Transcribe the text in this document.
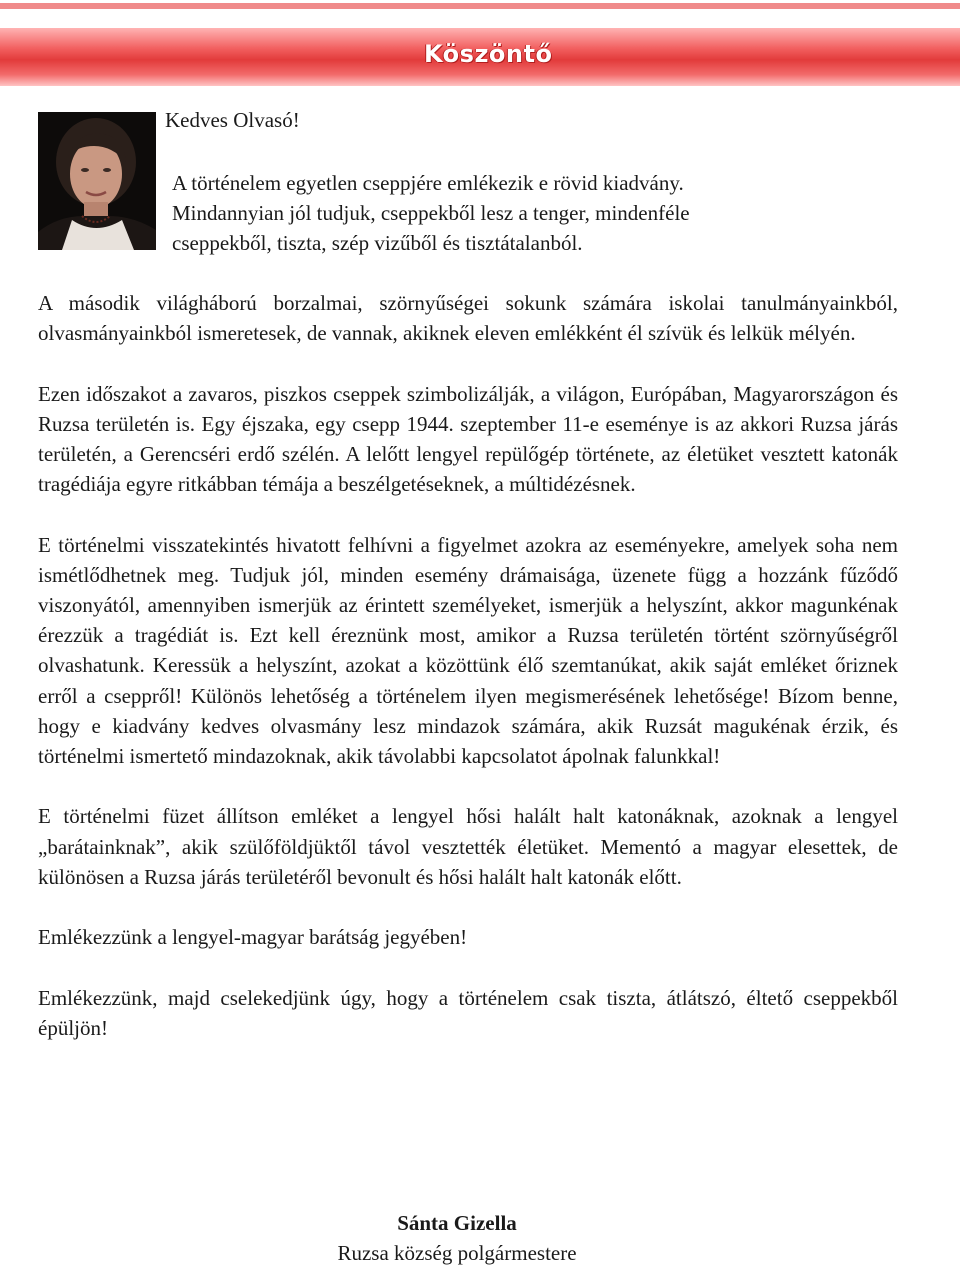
Köszöntő
Kedves Olvasó!
A történelem egyetlen cseppjére emlékezik e rövid kiadvány.
Mindannyian jól tudjuk, cseppekből lesz a tenger, mindenféle
cseppekből, tiszta, szép vizűből és tisztátalanból.

A második világháború borzalmai, szörnyűségei sokunk számára iskolai tanulmányainkból, olvasmányainkból ismeretesek, de vannak, akiknek eleven emlékként él szívük és lelkük mélyén.

Ezen időszakot a zavaros, piszkos cseppek szimbolizálják, a világon, Európában, Magyarországon és Ruzsa területén is. Egy éjszaka, egy csepp 1944. szeptember 11-e eseménye is az akkori Ruzsa járás területén, a Gerencséri erdő szélén. A lelőtt lengyel repülőgép története, az életüket vesztett katonák tragédiája egyre ritkábban témája a beszélgetéseknek, a múltidézésnek.

E történelmi visszatekintés hivatott felhívni a figyelmet azokra az eseményekre, amelyek soha nem ismétlődhetnek meg. Tudjuk jól, minden esemény drámaisága, üzenete függ a hozzánk fűződő viszonyától, amennyiben ismerjük az érintett személyeket, ismerjük a helyszínt, akkor magunkénak érezzük a tragédiát is. Ezt kell éreznünk most, amikor a Ruzsa területén történt szörnyűségről olvashatunk. Keressük a helyszínt, azokat a közöttünk élő szemtanúkat, akik saját emléket őriznek erről a cseppről! Különös lehetőség a történelem ilyen megismerésének lehetősége! Bízom benne, hogy e kiadvány kedves olvasmány lesz mindazok számára, akik Ruzsát magukénak érzik, és történelmi ismertető mindazoknak, akik távolabbi kapcsolatot ápolnak falunkkal!

E történelmi füzet állítson emléket a lengyel hősi halált halt katonáknak, azoknak a lengyel „barátainknak”, akik szülőföldjüktől távol vesztették életüket. Mementó a magyar elesettek, de különösen a Ruzsa járás területéről bevonult és hősi halált halt katonák előtt.

Emlékezzünk a lengyel-magyar barátság jegyében!

Emlékezzünk, majd cselekedjünk úgy, hogy a történelem csak tiszta, átlátszó, éltető cseppekből épüljön!

Sánta Gizella
Ruzsa község polgármestere
